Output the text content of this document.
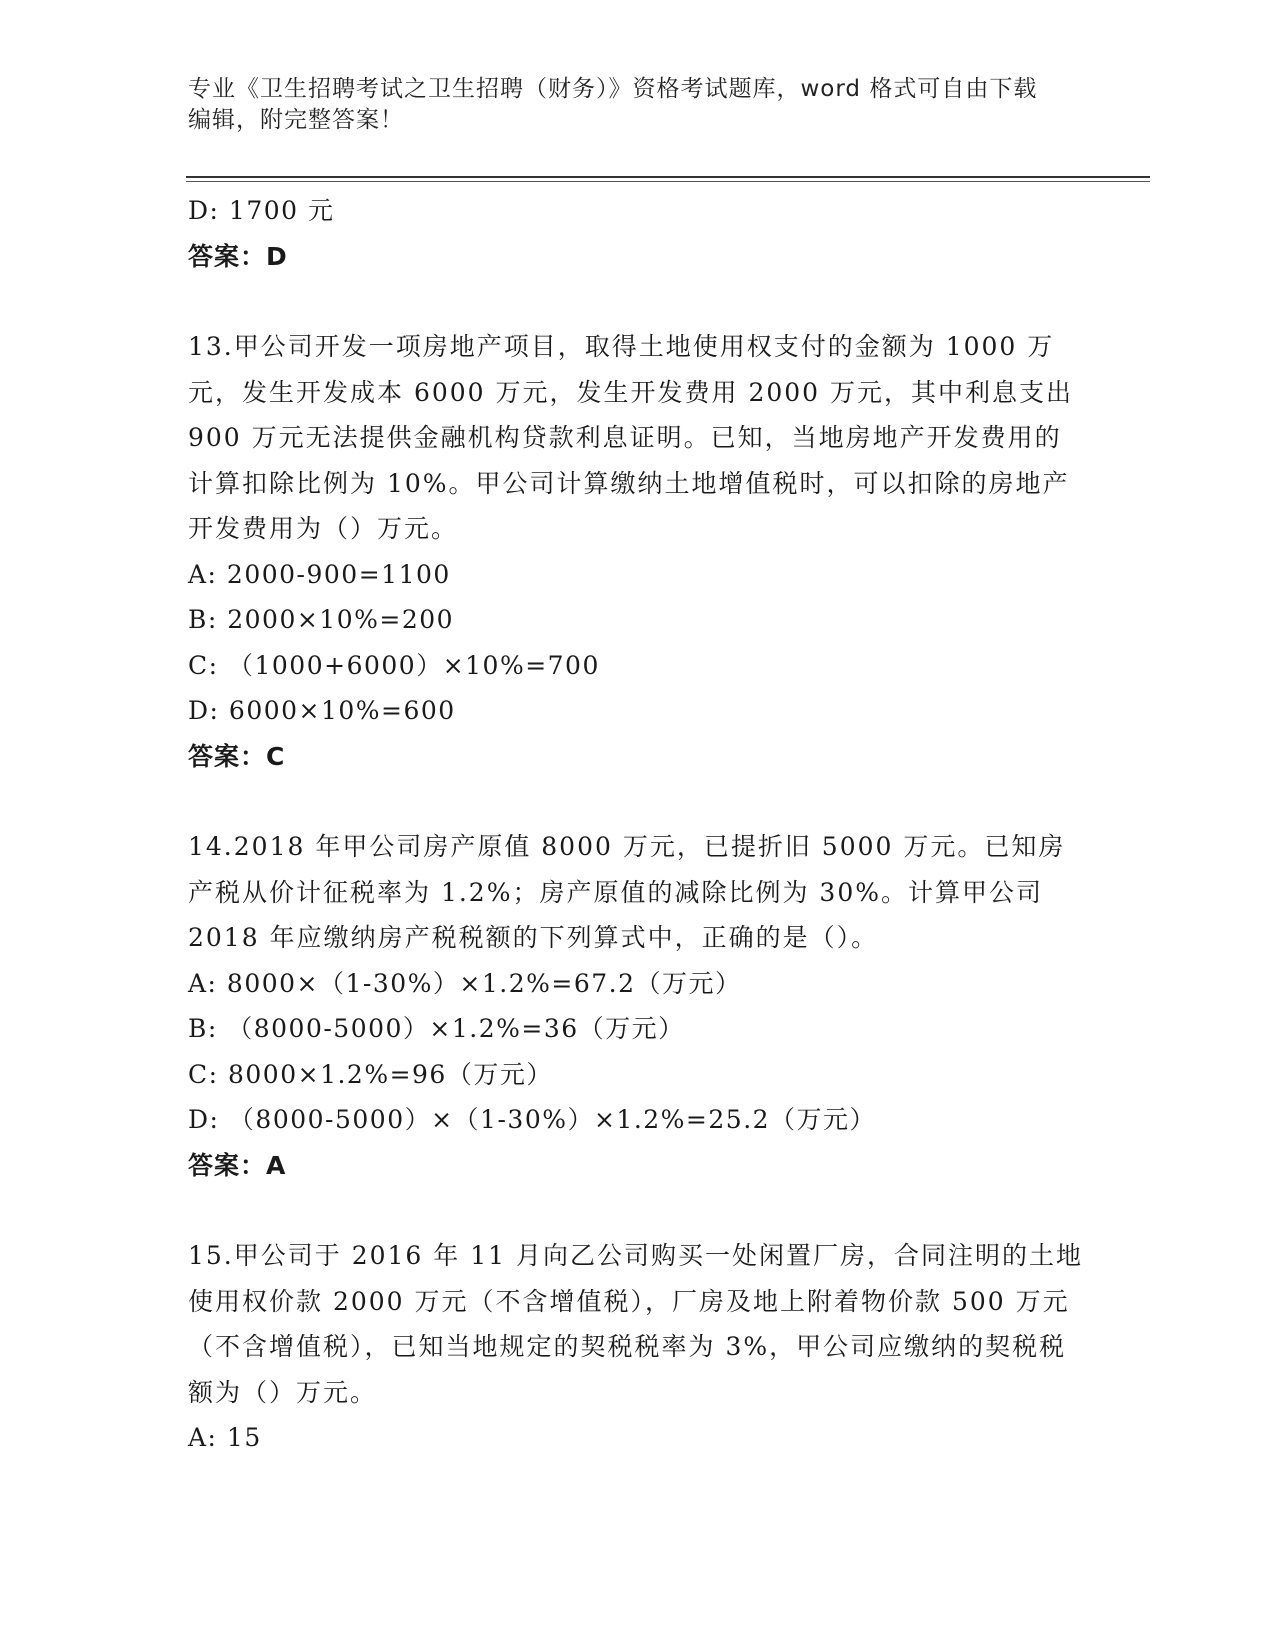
专业《卫生招聘考试之卫生招聘（财务）》资格考试题库，word 格式可自由下载
编辑，附完整答案！
D: 1700 元
答案：D
13.甲公司开发一项房地产项目，取得土地使用权支付的金额为 1000 万元，发生开发成本 6000 万元，发生开发费用 2000 万元，其中利息支出 900 万元无法提供金融机构贷款利息证明。已知，当地房地产开发费用的计算扣除比例为 10%。甲公司计算缴纳土地增值税时，可以扣除的房地产开发费用为（）万元。
A: 2000-900=1100
B: 2000×10%=200
C: （1000+6000）×10%=700
D: 6000×10%=600
答案：C
14.2018 年甲公司房产原值 8000 万元，已提折旧 5000 万元。已知房产税从价计征税率为 1.2%；房产原值的减除比例为 30%。计算甲公司 2018 年应缴纳房产税税额的下列算式中，正确的是（）。
A: 8000×（1-30%）×1.2%=67.2（万元）
B: （8000-5000）×1.2%=36（万元）
C: 8000×1.2%=96（万元）
D: （8000-5000）×（1-30%）×1.2%=25.2（万元）
答案：A
15.甲公司于 2016 年 11 月向乙公司购买一处闲置厂房，合同注明的土地使用权价款 2000 万元（不含增值税），厂房及地上附着物价款 500 万元（不含增值税），已知当地规定的契税税率为 3%，甲公司应缴纳的契税税额为（）万元。
A: 15
